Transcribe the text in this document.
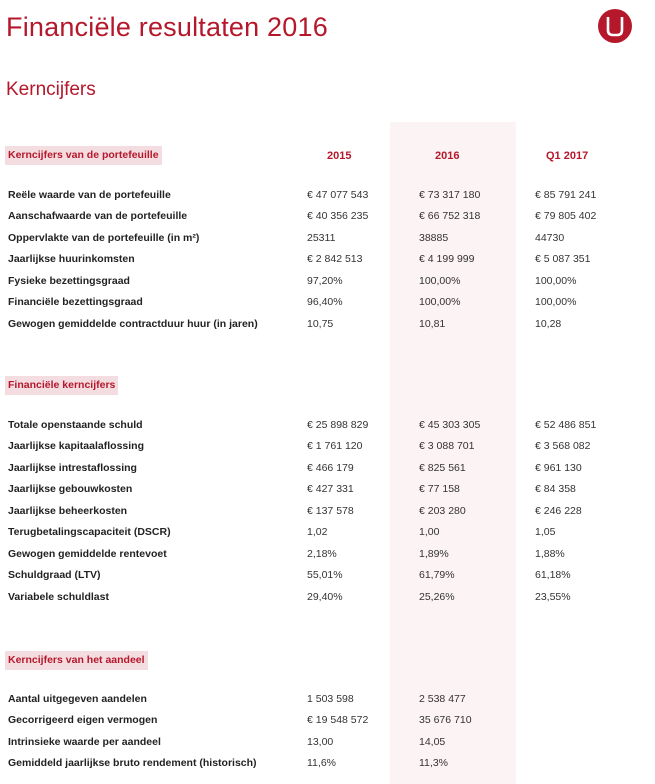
Financiële resultaten 2016
Kerncijfers
2015	2016	Q1 2017
Kerncijfers van de portefeuille
Reële waarde van de portefeuille	€ 47 077 543	€ 73 317 180	€ 85 791 241
Aanschafwaarde van de portefeuille	€ 40 356 235	€ 66 752 318	€ 79 805 402
Oppervlakte van de portefeuille (in m²)	25311	38885	44730
Jaarlijkse huurinkomsten	€ 2 842 513	€ 4 199 999	€ 5 087 351
Fysieke bezettingsgraad	97,20%	100,00%	100,00%
Financiële bezettingsgraad	96,40%	100,00%	100,00%
Gewogen gemiddelde contractduur huur (in jaren)	10,75	10,81	10,28
Financiële kerncijfers
Totale openstaande schuld	€ 25 898 829	€ 45 303 305	€ 52 486 851
Jaarlijkse kapitaalaflossing	€ 1 761 120	€ 3 088 701	€ 3 568 082
Jaarlijkse intrestaflossing	€ 466 179	€ 825 561	€ 961 130
Jaarlijkse gebouwkosten	€ 427 331	€ 77 158	€ 84 358
Jaarlijkse beheerkosten	€ 137 578	€ 203 280	€ 246 228
Terugbetalingscapaciteit (DSCR)	1,02	1,00	1,05
Gewogen gemiddelde rentevoet	2,18%	1,89%	1,88%
Schuldgraad (LTV)	55,01%	61,79%	61,18%
Variabele schuldlast	29,40%	25,26%	23,55%
Kerncijfers van het aandeel
Aantal uitgegeven aandelen	1 503 598	2 538 477
Gecorrigeerd eigen vermogen	€ 19 548 572	35 676 710
Intrinsieke waarde per aandeel	13,00	14,05
Gemiddeld jaarlijkse bruto rendement (historisch)	11,6%	11,3%
